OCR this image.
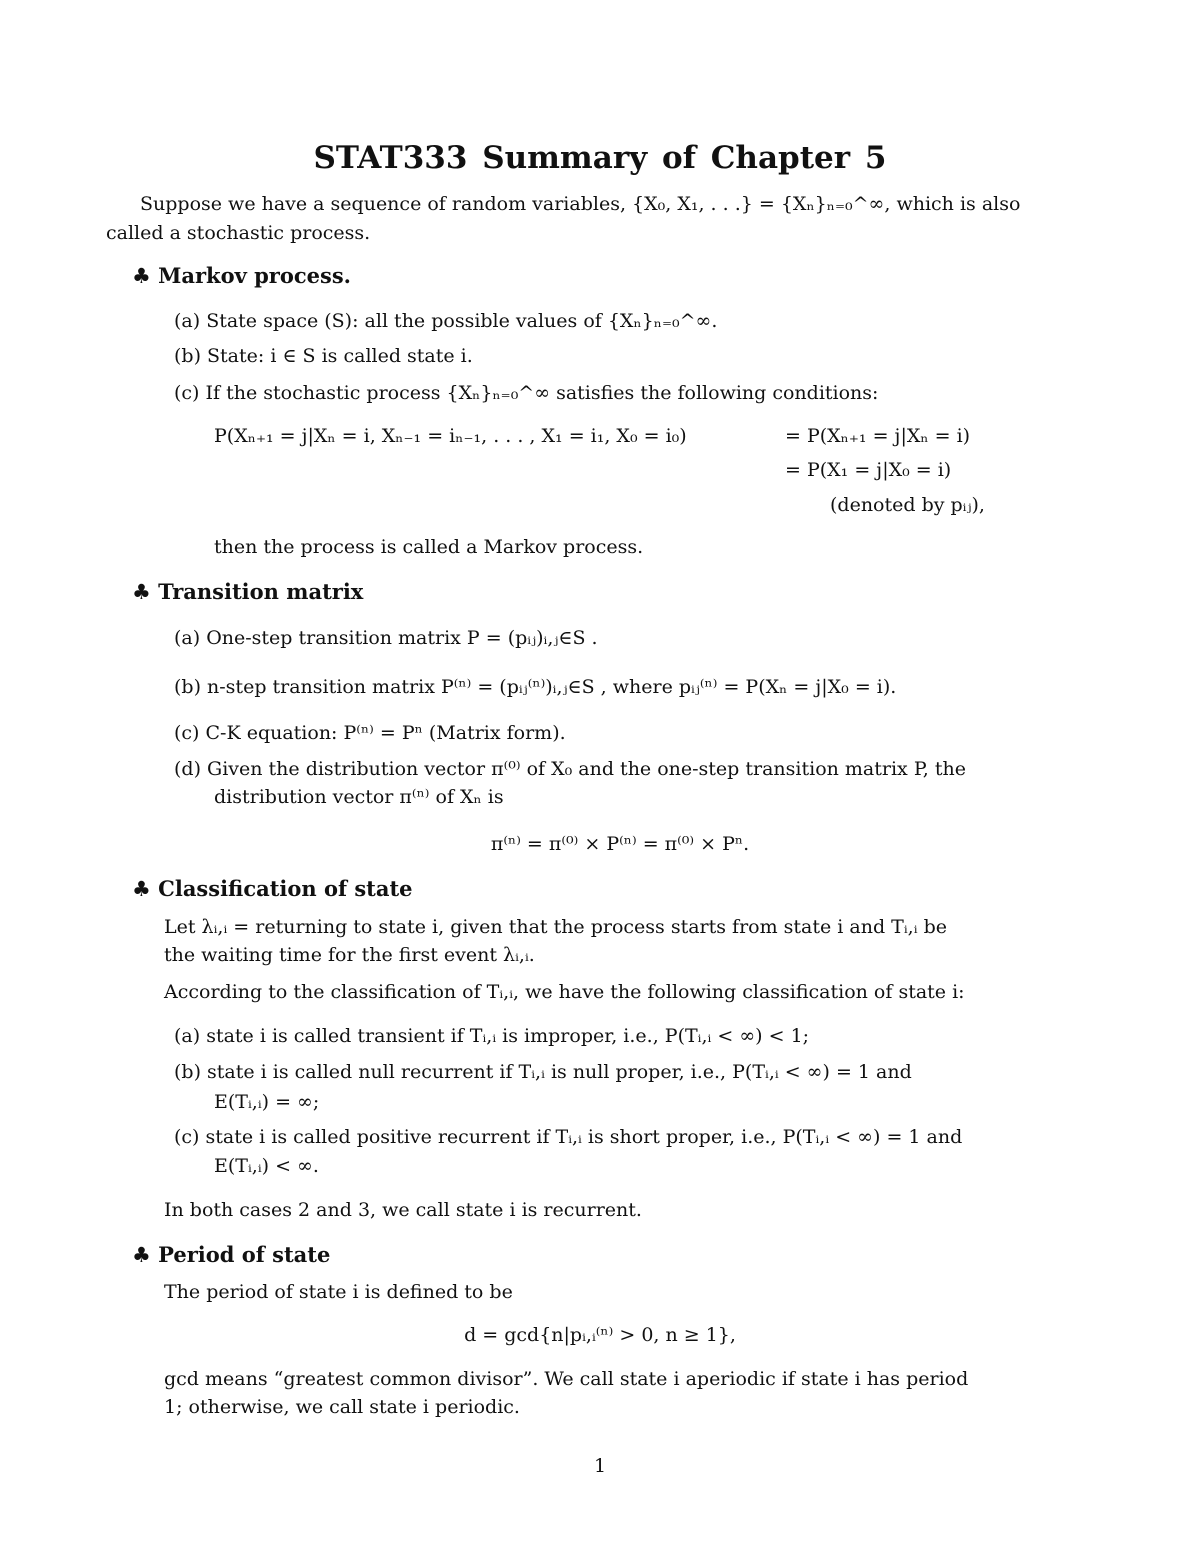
STAT333 Summary of Chapter 5
Suppose we have a sequence of random variables, {X₀, X₁, . . .} = {Xₙ}ₙ₌₀^∞, which is also
called a stochastic process.
♣ Markov process.
(a) State space (S): all the possible values of {Xₙ}ₙ₌₀^∞.
(b) State: i ∈ S is called state i.
(c) If the stochastic process {Xₙ}ₙ₌₀^∞ satisfies the following conditions:
P(Xₙ₊₁ = j|Xₙ = i, Xₙ₋₁ = iₙ₋₁, . . . , X₁ = i₁, X₀ = i₀)	= P(Xₙ₊₁ = j|Xₙ = i)
= P(X₁ = j|X₀ = i)
(denoted by pᵢⱼ),
then the process is called a Markov process.
♣ Transition matrix
(a) One-step transition matrix P = (pᵢⱼ)ᵢ,ⱼ∈S .
(b) n-step transition matrix P⁽ⁿ⁾ = (pᵢⱼ⁽ⁿ⁾)ᵢ,ⱼ∈S , where pᵢⱼ⁽ⁿ⁾ = P(Xₙ = j|X₀ = i).
(c) C-K equation: P⁽ⁿ⁾ = Pⁿ (Matrix form).
(d) Given the distribution vector π⁽⁰⁾ of X₀ and the one-step transition matrix P, the
distribution vector π⁽ⁿ⁾ of Xₙ is
π⁽ⁿ⁾ = π⁽⁰⁾ × P⁽ⁿ⁾ = π⁽⁰⁾ × Pⁿ.
♣ Classification of state
Let λᵢ,ᵢ = returning to state i, given that the process starts from state i and Tᵢ,ᵢ be
the waiting time for the first event λᵢ,ᵢ.
According to the classification of Tᵢ,ᵢ, we have the following classification of state i:
(a) state i is called transient if Tᵢ,ᵢ is improper, i.e., P(Tᵢ,ᵢ < ∞) < 1;
(b) state i is called null recurrent if Tᵢ,ᵢ is null proper, i.e., P(Tᵢ,ᵢ < ∞) = 1 and
E(Tᵢ,ᵢ) = ∞;
(c) state i is called positive recurrent if Tᵢ,ᵢ is short proper, i.e., P(Tᵢ,ᵢ < ∞) = 1 and
E(Tᵢ,ᵢ) < ∞.
In both cases 2 and 3, we call state i is recurrent.
♣ Period of state
The period of state i is defined to be
d = gcd{n|pᵢ,ᵢ⁽ⁿ⁾ > 0, n ≥ 1},
gcd means “greatest common divisor”. We call state i aperiodic if state i has period
1; otherwise, we call state i periodic.
1
